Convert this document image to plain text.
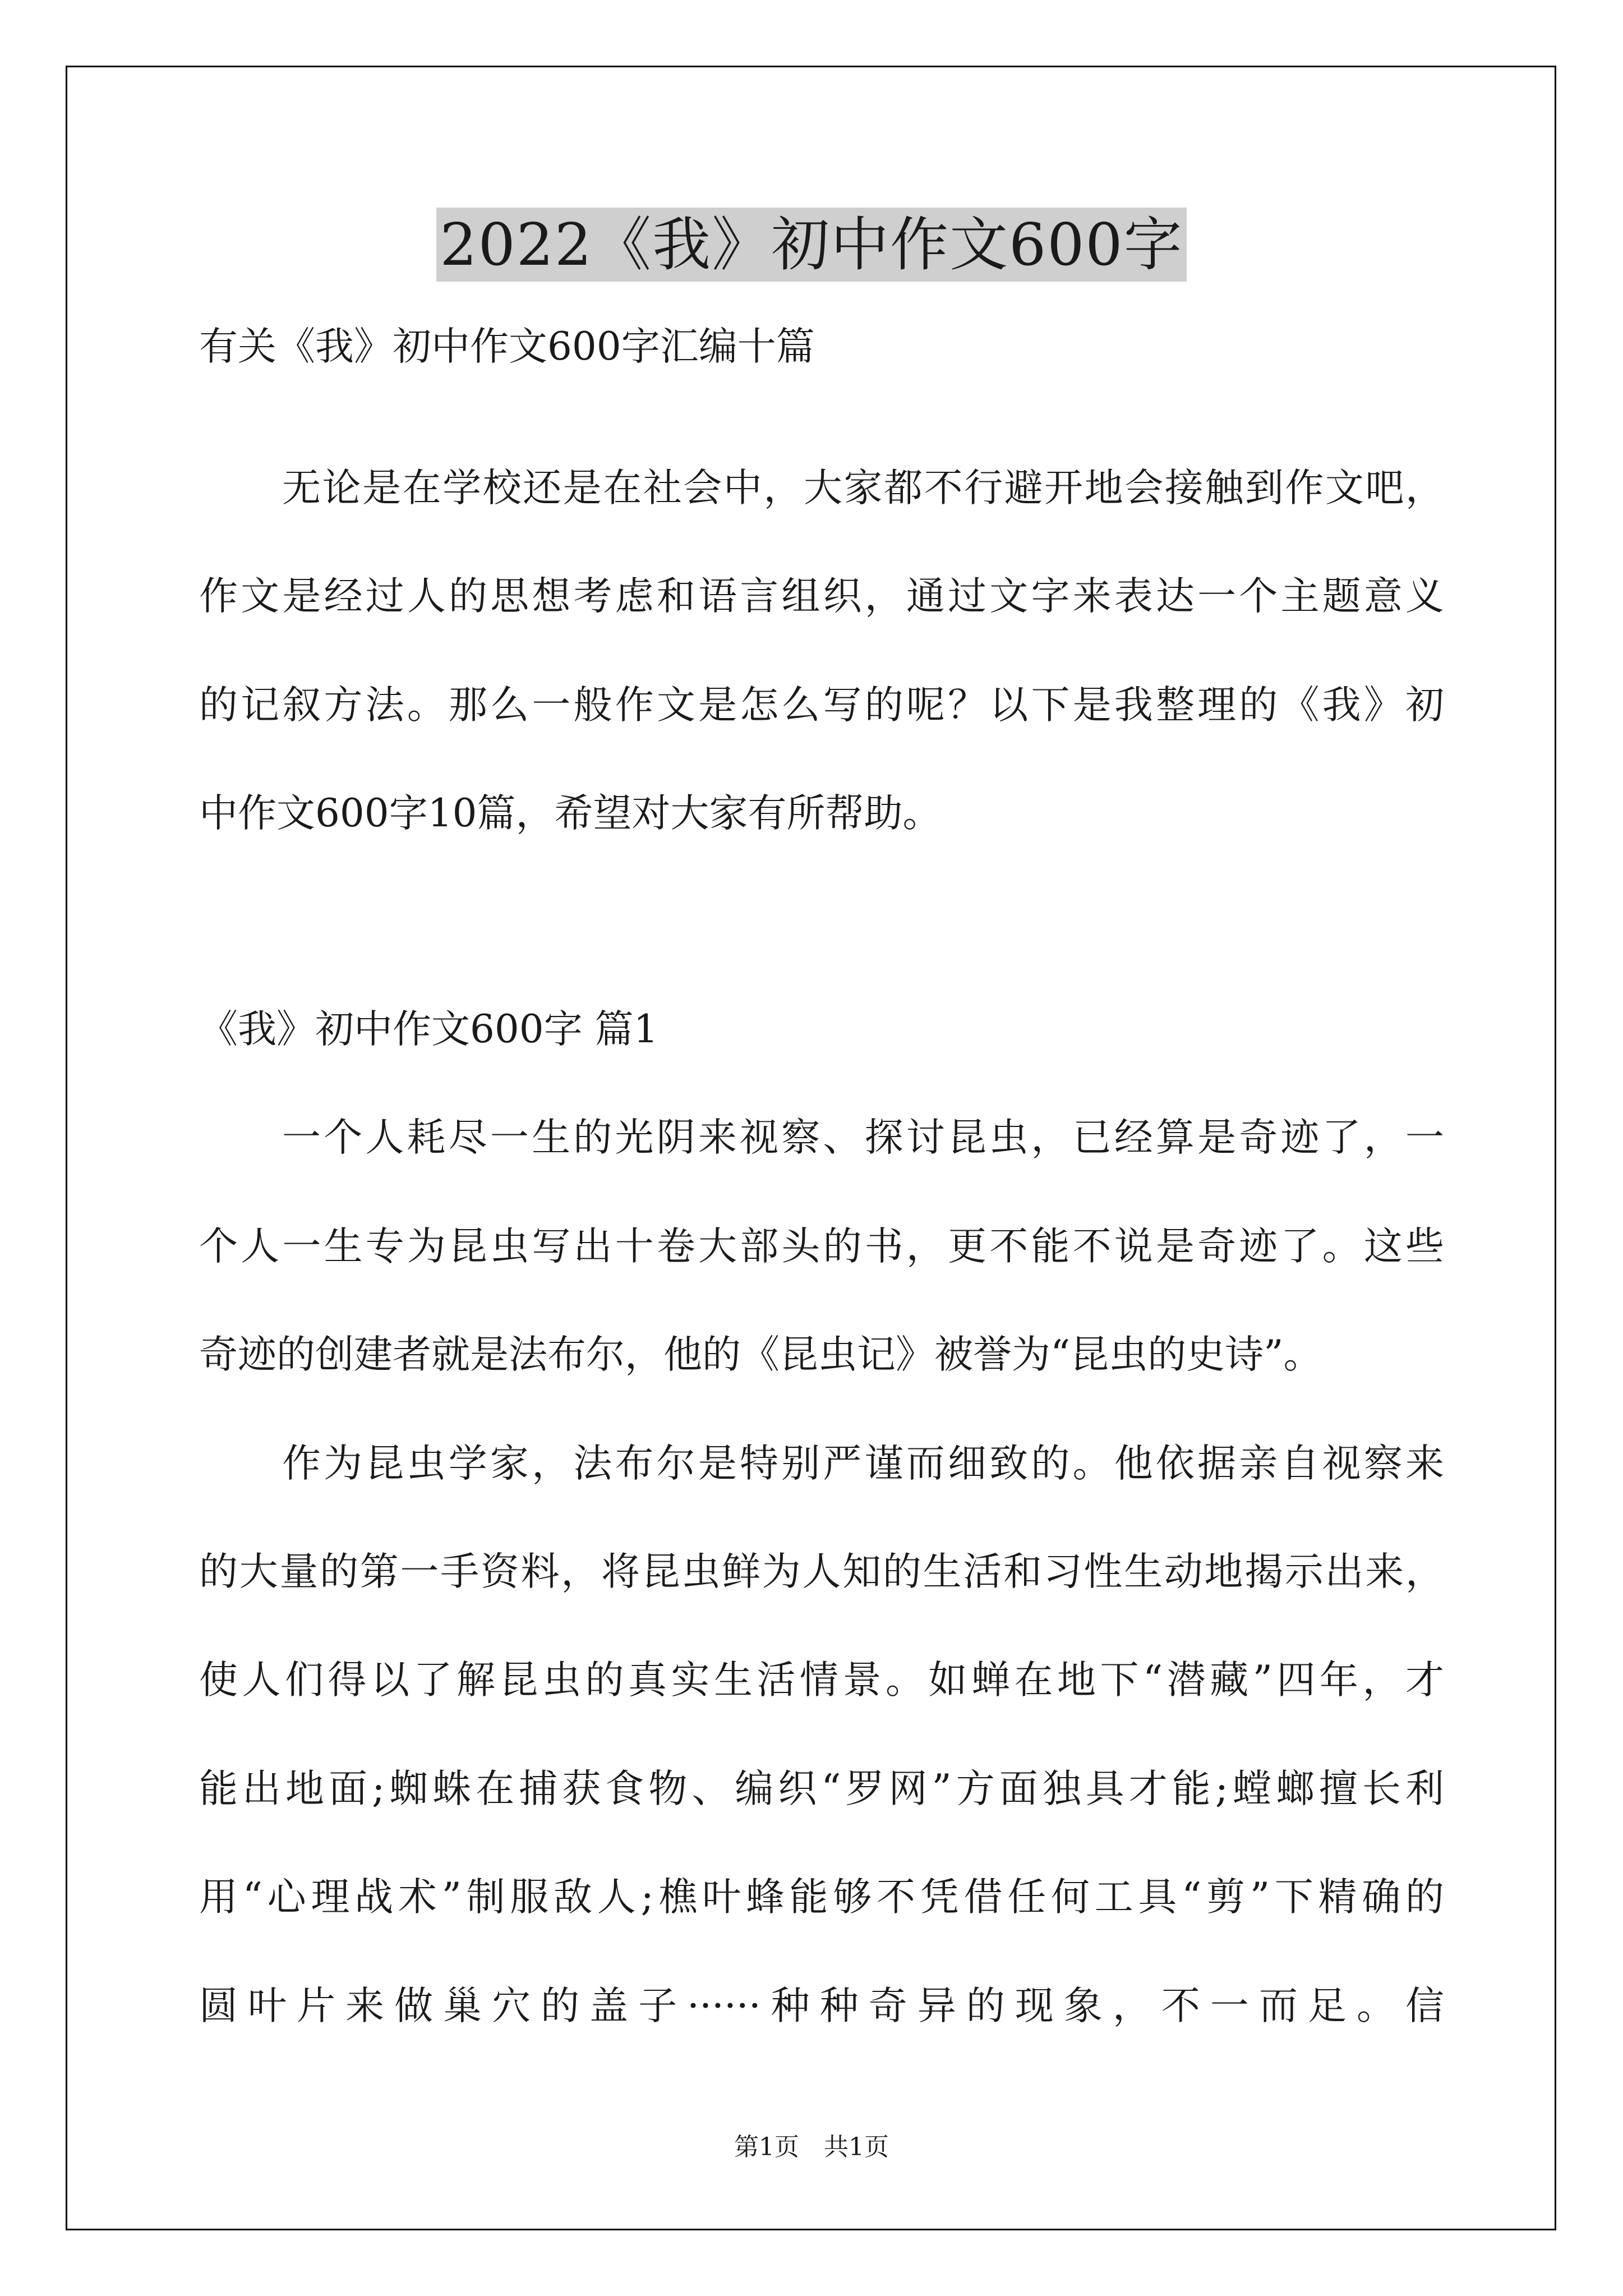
2022《我》初中作文600字

有关《我》初中作文600字汇编十篇

无论是在学校还是在社会中，大家都不行避开地会接触到作文吧，

作文是经过人的思想考虑和语言组织，通过文字来表达一个主题意义

的记叙方法。那么一般作文是怎么写的呢？以下是我整理的《我》初

中作文600字10篇，希望对大家有所帮助。

《我》初中作文600字 篇1

一个人耗尽一生的光阴来视察、探讨昆虫，已经算是奇迹了，一

个人一生专为昆虫写出十卷大部头的书，更不能不说是奇迹了。这些

奇迹的创建者就是法布尔，他的《昆虫记》被誉为“昆虫的史诗”。

作为昆虫学家，法布尔是特别严谨而细致的。他依据亲自视察来

的大量的第一手资料，将昆虫鲜为人知的生活和习性生动地揭示出来，

使人们得以了解昆虫的真实生活情景。如蝉在地下“潜藏”四年，才

能出地面;蜘蛛在捕获食物、编织“罗网”方面独具才能;螳螂擅长利

用“心理战术”制服敌人;樵叶蜂能够不凭借任何工具“剪”下精确的

圆叶片来做巢穴的盖子······种种奇异的现象，不一而足。信

第1页　共1页
